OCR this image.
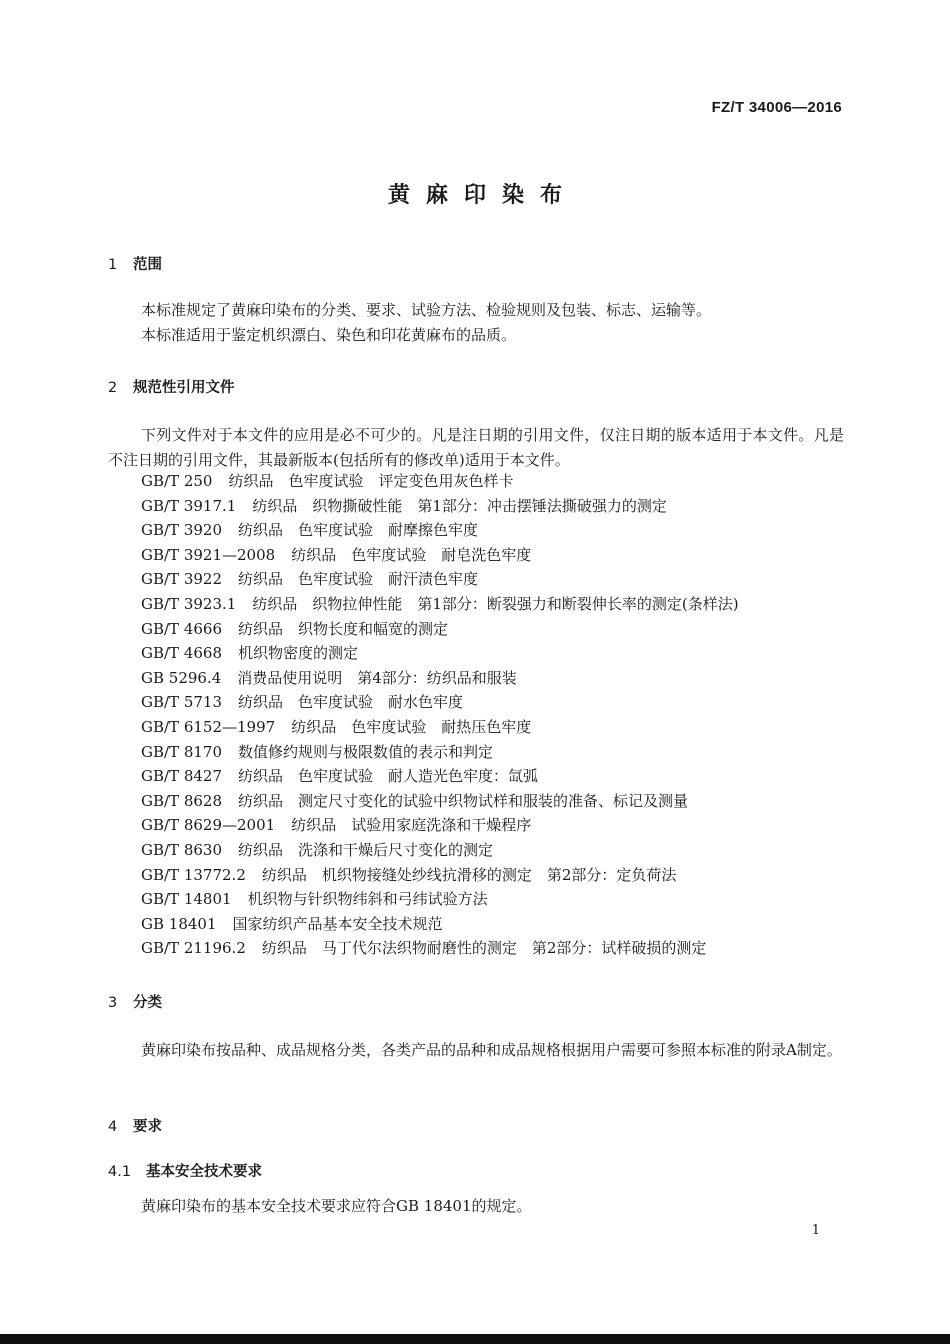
FZ/T 34006—2016
黄麻印染布
1 范围
本标准规定了黄麻印染布的分类、要求、试验方法、检验规则及包装、标志、运输等。
本标准适用于鉴定机织漂白、染色和印花黄麻布的品质。
2 规范性引用文件
下列文件对于本文件的应用是必不可少的。凡是注日期的引用文件，仅注日期的版本适用于本文件。凡是不注日期的引用文件，其最新版本(包括所有的修改单)适用于本文件。
GB/T 250 纺织品　色牢度试验　评定变色用灰色样卡
GB/T 3917.1 纺织品　织物撕破性能　第1部分：冲击摆锤法撕破强力的测定
GB/T 3920 纺织品　色牢度试验　耐摩擦色牢度
GB/T 3921—2008 纺织品　色牢度试验　耐皂洗色牢度
GB/T 3922 纺织品　色牢度试验　耐汗渍色牢度
GB/T 3923.1 纺织品　织物拉伸性能　第1部分：断裂强力和断裂伸长率的测定(条样法)
GB/T 4666 纺织品　织物长度和幅宽的测定
GB/T 4668 机织物密度的测定
GB 5296.4 消费品使用说明　第4部分：纺织品和服装
GB/T 5713 纺织品　色牢度试验　耐水色牢度
GB/T 6152—1997 纺织品　色牢度试验　耐热压色牢度
GB/T 8170 数值修约规则与极限数值的表示和判定
GB/T 8427 纺织品　色牢度试验　耐人造光色牢度：氙弧
GB/T 8628 纺织品　测定尺寸变化的试验中织物试样和服装的准备、标记及测量
GB/T 8629—2001 纺织品　试验用家庭洗涤和干燥程序
GB/T 8630 纺织品　洗涤和干燥后尺寸变化的测定
GB/T 13772.2 纺织品　机织物接缝处纱线抗滑移的测定　第2部分：定负荷法
GB/T 14801 机织物与针织物纬斜和弓纬试验方法
GB 18401 国家纺织产品基本安全技术规范
GB/T 21196.2 纺织品　马丁代尔法织物耐磨性的测定　第2部分：试样破损的测定
3 分类
黄麻印染布按品种、成品规格分类，各类产品的品种和成品规格根据用户需要可参照本标准的附录A制定。
4 要求
4.1 基本安全技术要求
黄麻印染布的基本安全技术要求应符合GB 18401的规定。
1
